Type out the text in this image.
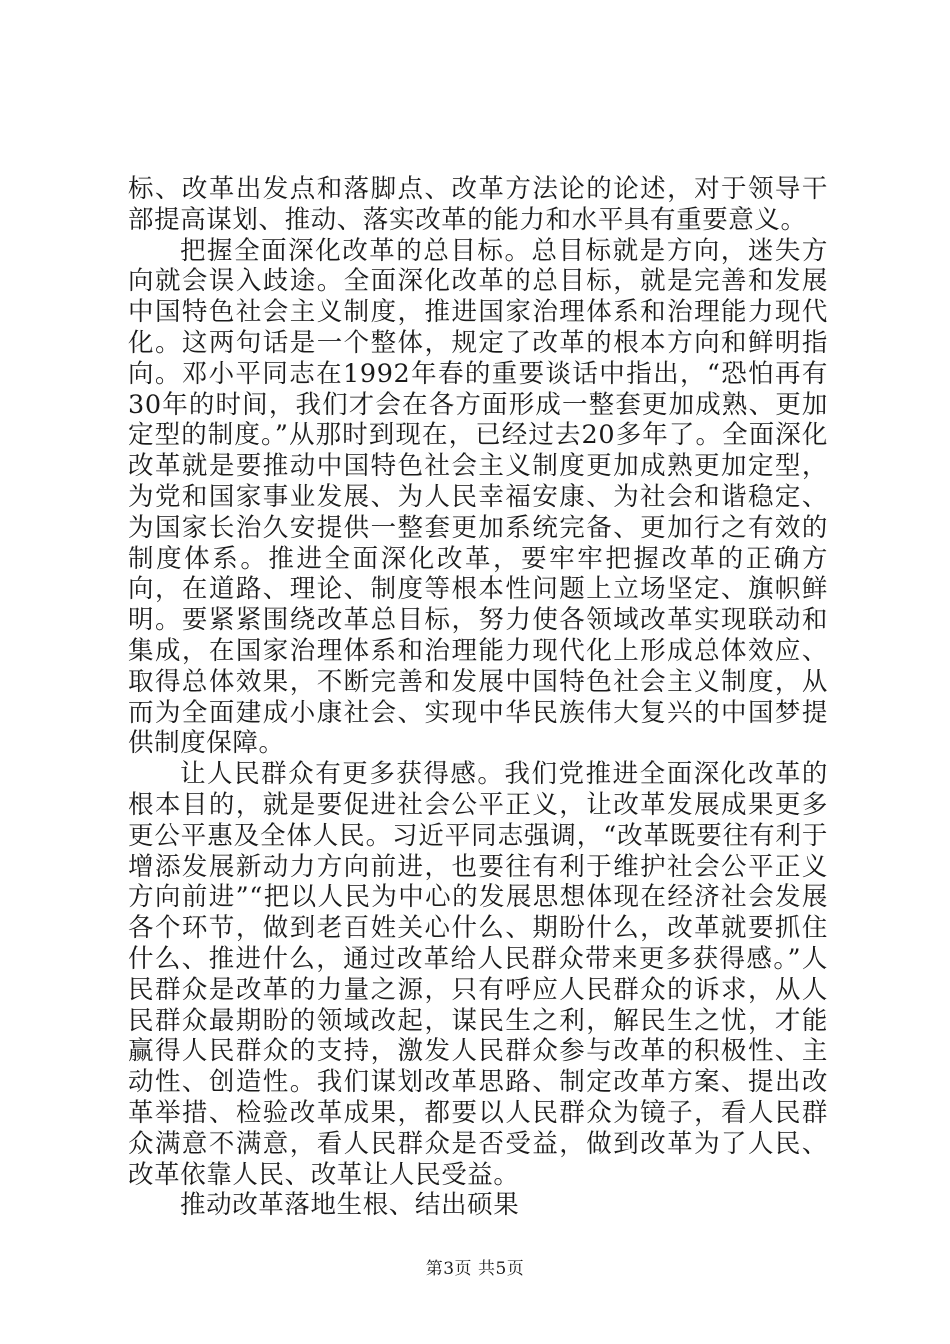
标、改革出发点和落脚点、改革方法论的论述，对于领导干部提高谋划、推动、落实改革的能力和水平具有重要意义。

把握全面深化改革的总目标。总目标就是方向，迷失方向就会误入歧途。全面深化改革的总目标，就是完善和发展中国特色社会主义制度，推进国家治理体系和治理能力现代化。这两句话是一个整体，规定了改革的根本方向和鲜明指向。邓小平同志在1992年春的重要谈话中指出，“恐怕再有30年的时间，我们才会在各方面形成一整套更加成熟、更加定型的制度。”从那时到现在，已经过去20多年了。全面深化改革就是要推动中国特色社会主义制度更加成熟更加定型，为党和国家事业发展、为人民幸福安康、为社会和谐稳定、为国家长治久安提供一整套更加系统完备、更加行之有效的制度体系。推进全面深化改革，要牢牢把握改革的正确方向，在道路、理论、制度等根本性问题上立场坚定、旗帜鲜明。要紧紧围绕改革总目标，努力使各领域改革实现联动和集成，在国家治理体系和治理能力现代化上形成总体效应、取得总体效果，不断完善和发展中国特色社会主义制度，从而为全面建成小康社会、实现中华民族伟大复兴的中国梦提供制度保障。

让人民群众有更多获得感。我们党推进全面深化改革的根本目的，就是要促进社会公平正义，让改革发展成果更多更公平惠及全体人民。习近平同志强调，“改革既要往有利于增添发展新动力方向前进，也要往有利于维护社会公平正义方向前进”“把以人民为中心的发展思想体现在经济社会发展各个环节，做到老百姓关心什么、期盼什么，改革就要抓住什么、推进什么，通过改革给人民群众带来更多获得感。”人民群众是改革的力量之源，只有呼应人民群众的诉求，从人民群众最期盼的领域改起，谋民生之利，解民生之忧，才能赢得人民群众的支持，激发人民群众参与改革的积极性、主动性、创造性。我们谋划改革思路、制定改革方案、提出改革举措、检验改革成果，都要以人民群众为镜子，看人民群众满意不满意，看人民群众是否受益，做到改革为了人民、改革依靠人民、改革让人民受益。

推动改革落地生根、结出硕果

第3页 共5页
